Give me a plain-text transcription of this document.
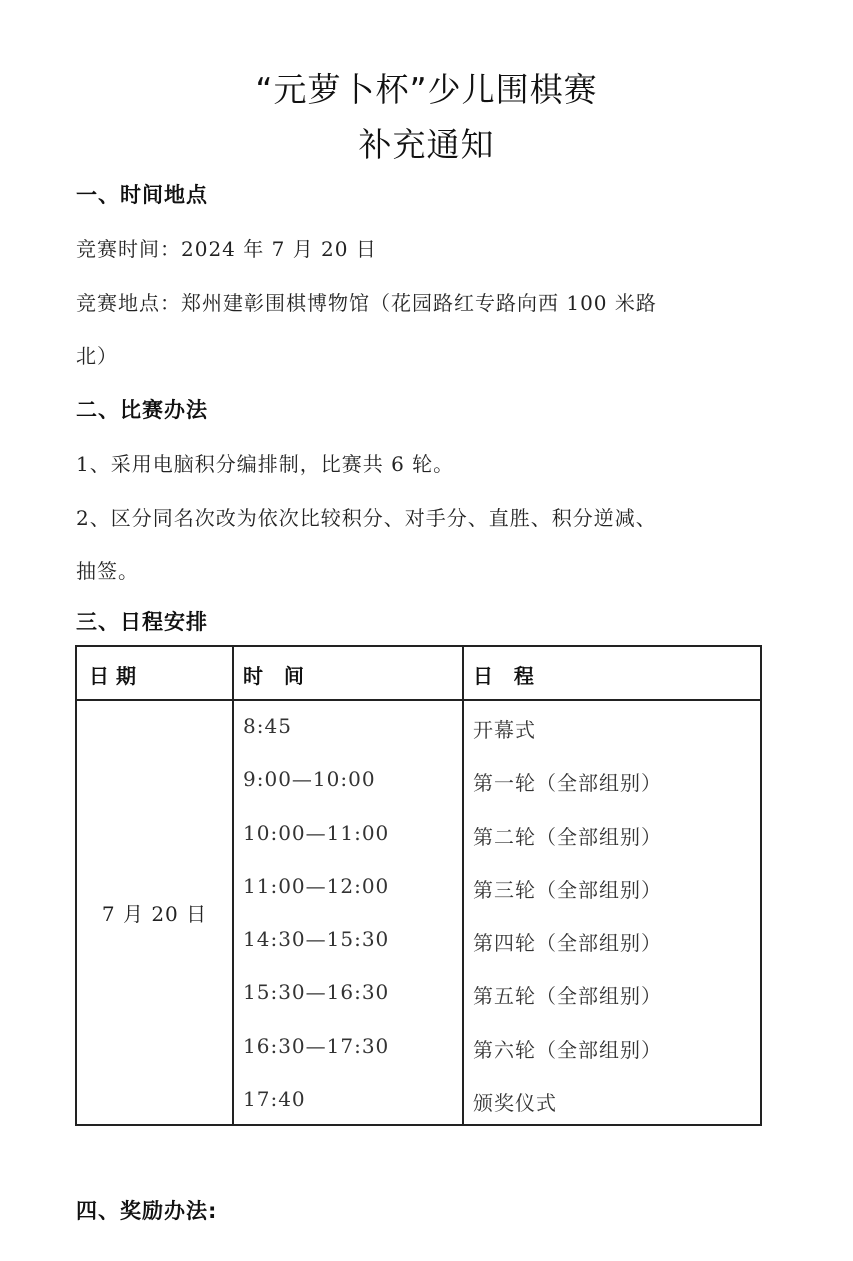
“元萝卜杯”少儿围棋赛
补充通知
一、时间地点
竞赛时间：2024 年 7 月 20 日
竞赛地点：郑州建彰围棋博物馆（花园路红专路向西 100 米路
北）
二、比赛办法
1、采用电脑积分编排制，比赛共 6 轮。
2、区分同名次改为依次比较积分、对手分、直胜、积分逆减、
抽签。
三、日程安排
日 期	时   间	日   程
7 月 20 日
8:45	开幕式
9:00—10:00	第一轮（全部组别）
10:00—11:00	第二轮（全部组别）
11:00—12:00	第三轮（全部组别）
14:30—15:30	第四轮（全部组别）
15:30—16:30	第五轮（全部组别）
16:30—17:30	第六轮（全部组别）
17:40	颁奖仪式
四、奖励办法:
